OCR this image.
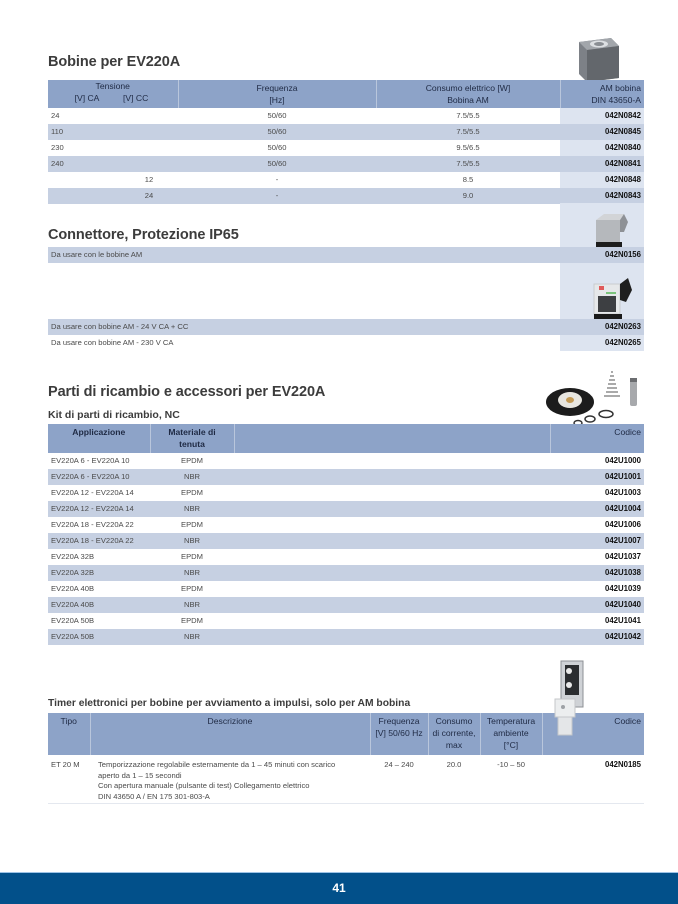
Bobine per EV220A
Tensione
[V] CA	[V] CC

Frequenza
[Hz]

Consumo elettrico [W]
Bobina AM

AM bobina
DIN 43650-A

24		50/60	7.5/5.5	042N0842
110		50/60	7.5/5.5	042N0845
230		50/60	9.5/6.5	042N0840
240		50/60	7.5/5.5	042N0841
	12	-	8.5	042N0848
	24	-	9.0	042N0843
Connettore, Protezione IP65
Da usare con le bobine AM	042N0156

Da usare con bobine AM - 24 V CA + CC	042N0263
Da usare con bobine AM - 230 V CA	042N0265
Parti di ricambio e accessori per EV220A
Kit di parti di ricambio, NC
Applicazione	Materiale di
tenuta		Codice
EV220A 6 - EV220A 10	EPDM		042U1000
EV220A 6 - EV220A 10	NBR		042U1001
EV220A 12 - EV220A 14	EPDM		042U1003
EV220A 12 - EV220A 14	NBR		042U1004
EV220A 18 - EV220A 22	EPDM		042U1006
EV220A 18 - EV220A 22	NBR		042U1007
EV220A 32B	EPDM		042U1037
EV220A 32B	NBR		042U1038
EV220A 40B	EPDM		042U1039
EV220A 40B	NBR		042U1040
EV220A 50B	EPDM		042U1041
EV220A 50B	NBR		042U1042
Timer elettronici per bobine per avviamento a impulsi, solo per AM bobina
Tipo	Descrizione	Frequenza
[V] 50/60 Hz

Consumo
di corrente,
max

Temperatura
ambiente
[°C]
	Codice
ET 20 M	Temporizzazione regolabile esternamente da 1 – 45 minuti con scarico
aperto da 1 – 15 secondi
Con apertura manuale (pulsante di test) Collegamento elettrico
DIN 43650 A / EN 175 301-803-A	24 – 240	20.0	-10 – 50	042N0185
41
